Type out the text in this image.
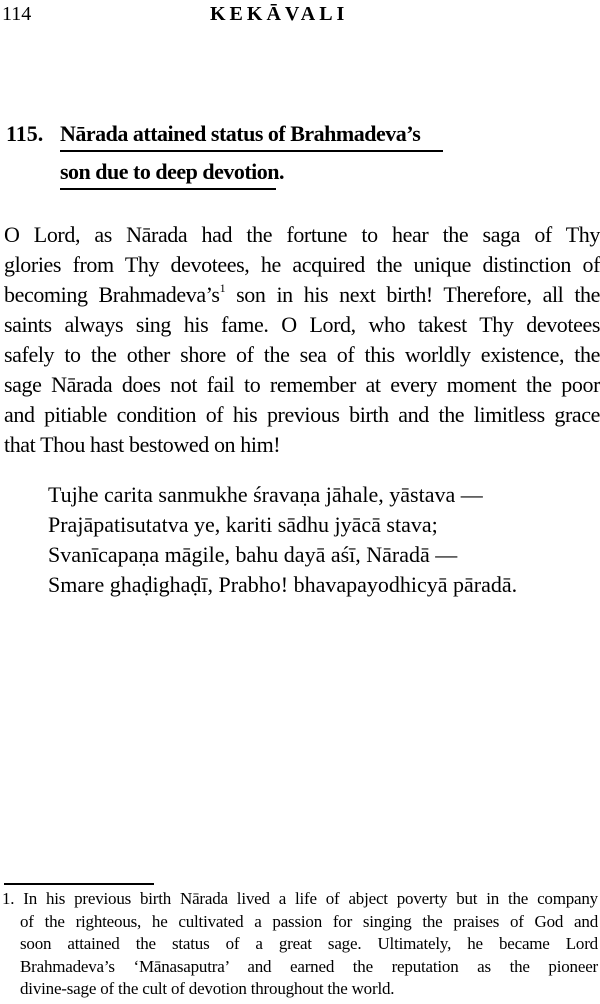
114	KEKĀVALI
115. Nārada attained status of Brahmadeva’s
son due to deep devotion.
O Lord, as Nārada had the fortune to hear the saga of Thy
glories from Thy devotees, he acquired the unique distinction of
becoming $Brahmadeva’s^1$ son in his next birth! Therefore, all the
saints always sing his fame. O Lord, who takest Thy devotees
safely to the other shore of the sea of this worldly existence, the
sage Nārada does not fail to remember at every moment the poor
and pitiable condition of his previous birth and the limitless grace
that Thou hast bestowed on him!
Tujhe carita sanmukhe śravaṇa jāhale, yāstava —
Prajāpatisutatva ye, kariti sādhu jyācā stava;
Svanīcapaṇa māgile, bahu dayā aśī, Nāradā —
Smare ghaḍighaḍī, Prabho! bhavapayodhicyā pāradā.
1. In his previous birth Nārada lived a life of abject poverty but in the company
of the righteous, he cultivated a passion for singing the praises of God and
soon attained the status of a great sage. Ultimately, he became Lord
Brahmadeva’s ‘Mānasaputra’ and earned the reputation as the pioneer
divine-sage of the cult of devotion throughout the world.
